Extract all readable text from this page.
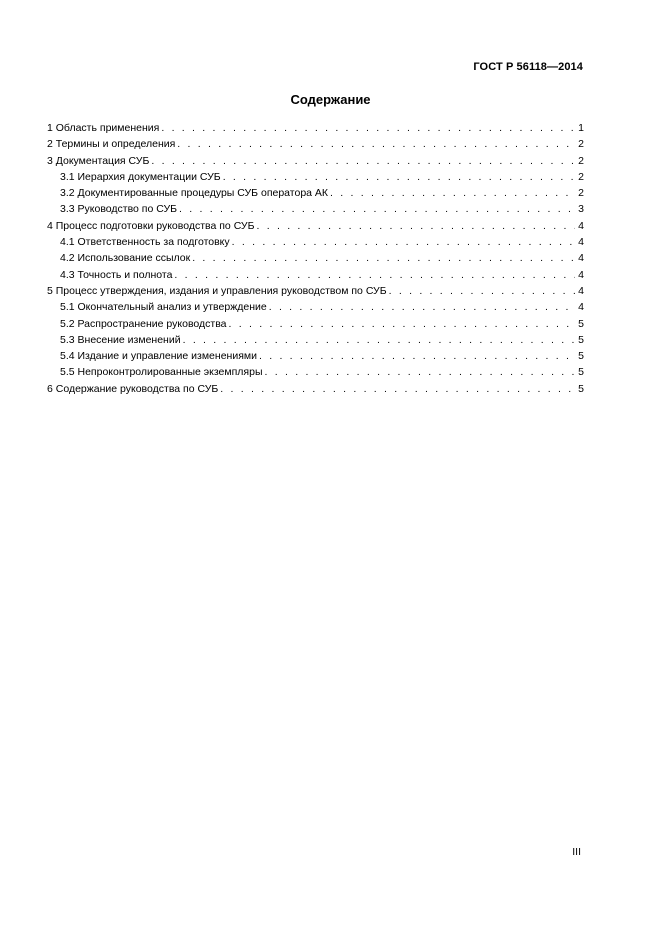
ГОСТ Р 56118—2014
Содержание
1 Область применения . . .	1
2 Термины и определения . . .	2
3 Документация СУБ . . .	2
3.1 Иерархия документации СУБ . . .	2
3.2 Документированные процедуры СУБ оператора АК . . .	2
3.3 Руководство по СУБ . . .	3
4 Процесс подготовки руководства по СУБ . . .	4
4.1 Ответственность за подготовку . . .	4
4.2 Использование ссылок . . .	4
4.3 Точность и полнота . . .	4
5 Процесс утверждения, издания и управления руководством по СУБ . . .	4
5.1 Окончательный анализ и утверждение . . .	4
5.2 Распространение руководства . . .	5
5.3 Внесение изменений . . .	5
5.4 Издание и управление изменениями . . .	5
5.5 Непроконтролированные экземпляры . . .	5
6 Содержание руководства по СУБ . . .	5
III
